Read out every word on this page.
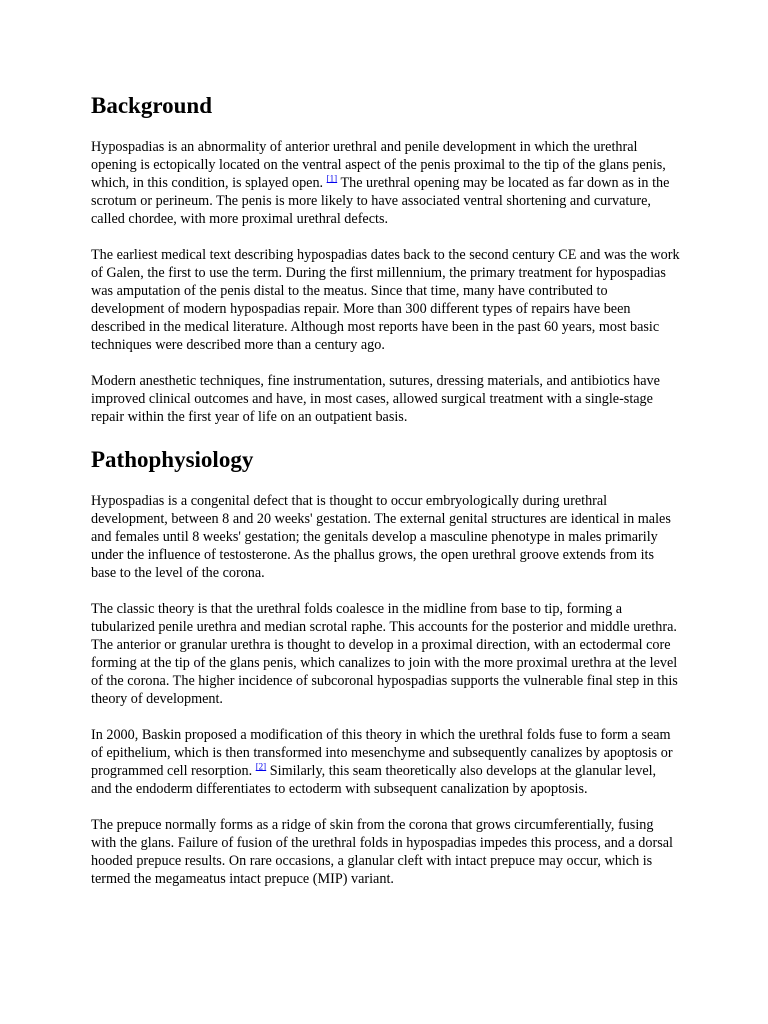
Background

Hypospadias is an abnormality of anterior urethral and penile development in which the urethral opening is ectopically located on the ventral aspect of the penis proximal to the tip of the glans penis, which, in this condition, is splayed open. [1] The urethral opening may be located as far down as in the scrotum or perineum. The penis is more likely to have associated ventral shortening and curvature, called chordee, with more proximal urethral defects.

The earliest medical text describing hypospadias dates back to the second century CE and was the work of Galen, the first to use the term. During the first millennium, the primary treatment for hypospadias was amputation of the penis distal to the meatus. Since that time, many have contributed to development of modern hypospadias repair. More than 300 different types of repairs have been described in the medical literature. Although most reports have been in the past 60 years, most basic techniques were described more than a century ago.

Modern anesthetic techniques, fine instrumentation, sutures, dressing materials, and antibiotics have improved clinical outcomes and have, in most cases, allowed surgical treatment with a single-stage repair within the first year of life on an outpatient basis.

Pathophysiology

Hypospadias is a congenital defect that is thought to occur embryologically during urethral development, between 8 and 20 weeks' gestation. The external genital structures are identical in males and females until 8 weeks' gestation; the genitals develop a masculine phenotype in males primarily under the influence of testosterone. As the phallus grows, the open urethral groove extends from its base to the level of the corona.

The classic theory is that the urethral folds coalesce in the midline from base to tip, forming a tubularized penile urethra and median scrotal raphe. This accounts for the posterior and middle urethra. The anterior or granular urethra is thought to develop in a proximal direction, with an ectodermal core forming at the tip of the glans penis, which canalizes to join with the more proximal urethra at the level of the corona. The higher incidence of subcoronal hypospadias supports the vulnerable final step in this theory of development.

In 2000, Baskin proposed a modification of this theory in which the urethral folds fuse to form a seam of epithelium, which is then transformed into mesenchyme and subsequently canalizes by apoptosis or programmed cell resorption. [2] Similarly, this seam theoretically also develops at the glanular level, and the endoderm differentiates to ectoderm with subsequent canalization by apoptosis.

The prepuce normally forms as a ridge of skin from the corona that grows circumferentially, fusing with the glans. Failure of fusion of the urethral folds in hypospadias impedes this process, and a dorsal hooded prepuce results. On rare occasions, a glanular cleft with intact prepuce may occur, which is termed the megameatus intact prepuce (MIP) variant.
